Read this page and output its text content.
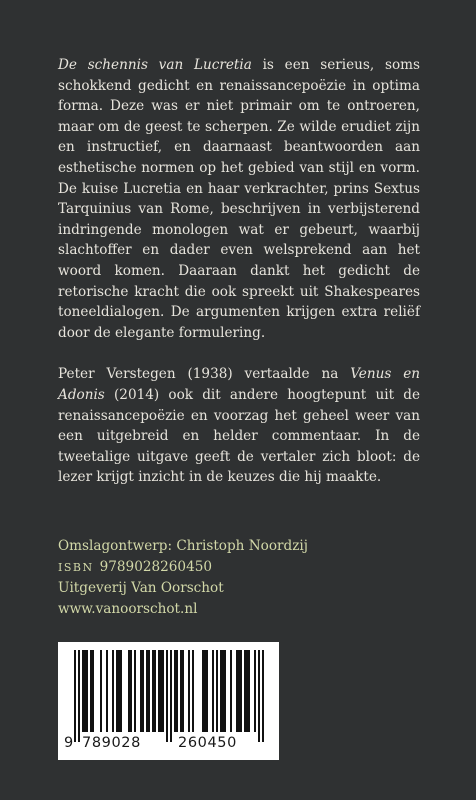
De schennis van Lucretia is een serieus, soms schokkend gedicht en renaissancepoëzie in optima forma. Deze was er niet primair om te ontroeren, maar om de geest te scherpen. Ze wilde erudiet zijn en instructief, en daarnaast beantwoorden aan esthetische normen op het gebied van stijl en vorm. De kuise Lucretia en haar verkrachter, prins Sextus Tarquinius van Rome, beschrijven in verbijsterend indringende monologen wat er gebeurt, waarbij slachtoffer en dader even welsprekend aan het woord komen. Daaraan dankt het gedicht de retorische kracht die ook spreekt uit Shakespeares toneeldialogen. De argumenten krijgen extra reliëf door de elegante formulering.

Peter Verstegen (1938) vertaalde na Venus en Adonis (2014) ook dit andere hoogtepunt uit de renaissancepoëzie en voorzag het geheel weer van een uitgebreid en helder commentaar. In de tweetalige uitgave geeft de vertaler zich bloot: de lezer krijgt inzicht in de keuzes die hij maakte.

Omslagontwerp: Christoph Noordzij
ISBN 9789028260450
Uitgeverij Van Oorschot
www.vanoorschot.nl
9 789028	260450
